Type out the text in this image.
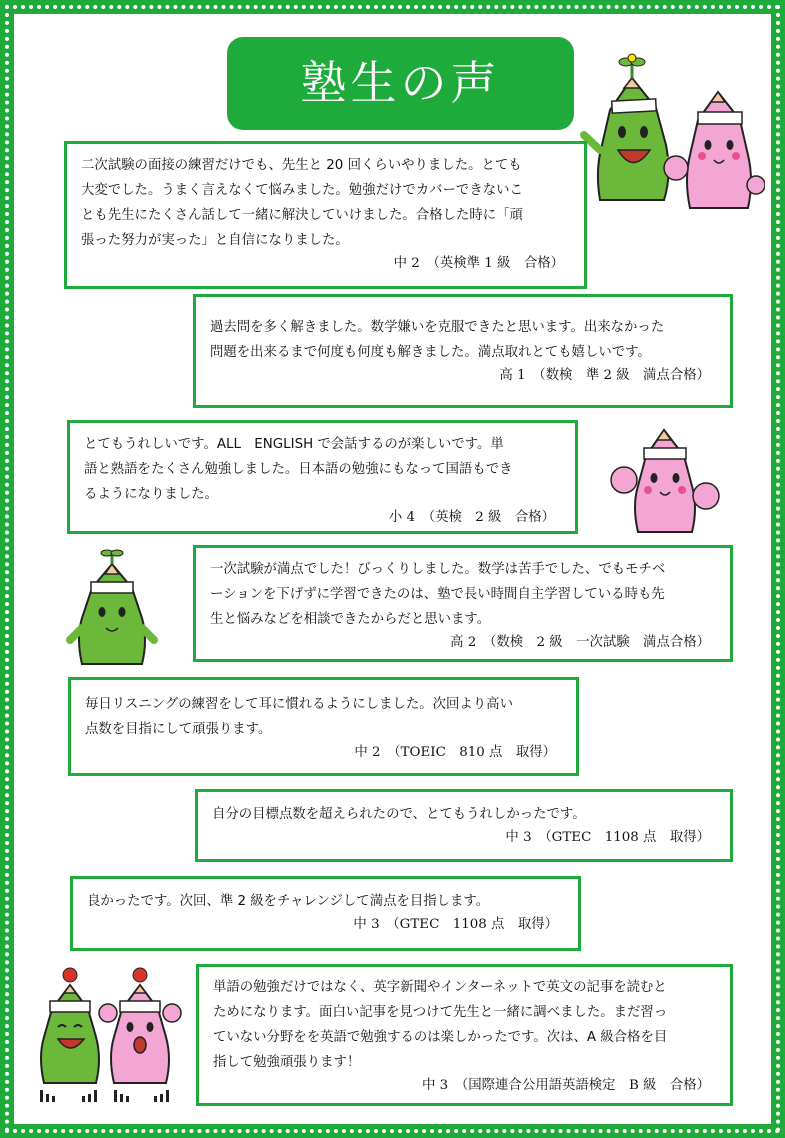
塾生の声

二次試験の面接の練習だけでも、先生と 20 回くらいやりました。とても
大変でした。うまく言えなくて悩みました。勉強だけでカバーできないこ
とも先生にたくさん話して一緒に解決していけました。合格した時に「頑
張った努力が実った」と自信になりました。

中 2　（英検準 1 級　合格）

過去問を多く解きました。数学嫌いを克服できたと思います。出来なかった
問題を出来るまで何度も何度も解きました。満点取れとても嬉しいです。

高 1　（数検　準 2 級　満点合格）

とてもうれしいです。ALL　ENGLISH で会話するのが楽しいです。単
語と熟語をたくさん勉強しました。日本語の勉強にもなって国語もでき
るようになりました。

小 4　（英検　2 級　合格）

一次試験が満点でした！びっくりしました。数学は苦手でした、でもモチベ
ーションを下げずに学習できたのは、塾で長い時間自主学習している時も先
生と悩みなどを相談できたからだと思います。

高 2　（数検　2 級　一次試験　満点合格）

毎日リスニングの練習をして耳に慣れるようにしました。次回より高い
点数を目指にして頑張ります。

中 2　（TOEIC　810 点　取得）

自分の目標点数を超えられたので、とてもうれしかったです。

中 3　（GTEC　1108 点　取得）

良かったです。次回、準 2 級をチャレンジして満点を目指します。

中 3　（GTEC　1108 点　取得）

単語の勉強だけではなく、英字新聞やインターネットで英文の記事を読むと
ためになります。面白い記事を見つけて先生と一緒に調べました。まだ習っ
ていない分野をを英語で勉強するのは楽しかったです。次は、A 級合格を目
指して勉強頑張ります！

中 3　（国際連合公用語英語検定　B 級　合格）
